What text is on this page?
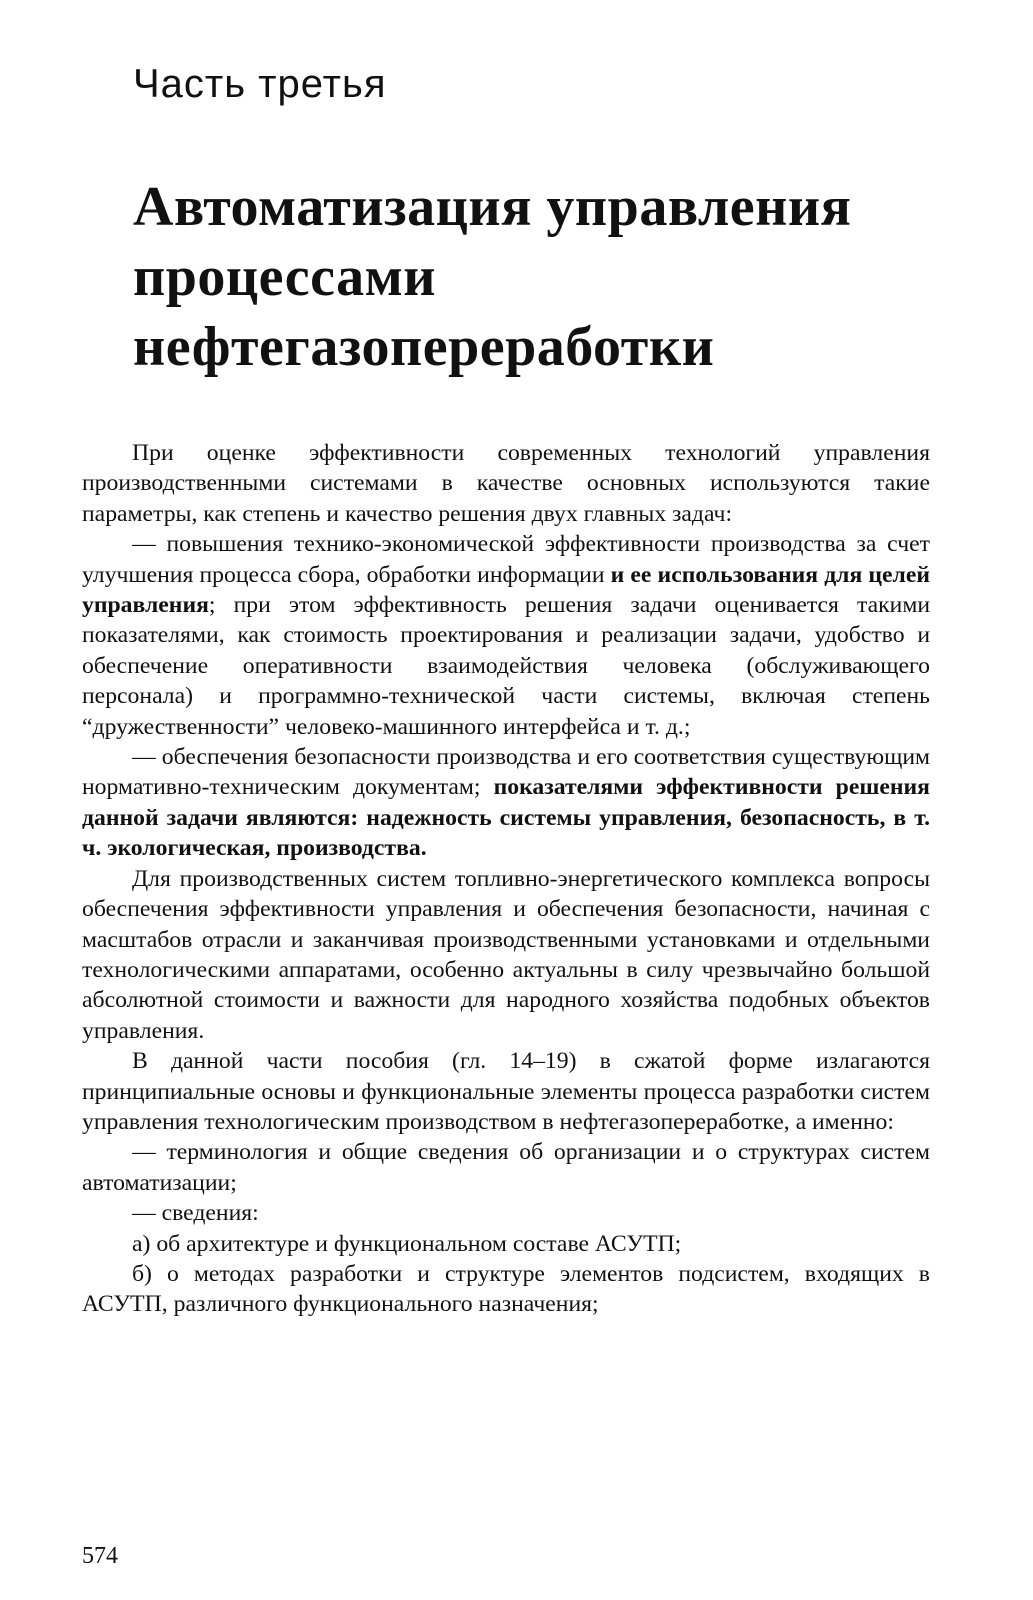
Часть третья
Автоматизация управления
процессами нефтегазопереработки

При оценке эффективности современных технологий управления производственными системами в качестве основных используются такие параметры, как степень и качество решения двух главных задач:

— повышения технико-экономической эффективности производства за счет улучшения процесса сбора, обработки информации и ее использования для целей управления; при этом эффективность решения задачи оценивается такими показателями, как стоимость проектирования и реализации задачи, удобство и обеспечение оперативности взаимодействия человека (обслуживающего персонала) и программно-технической части системы, включая степень “дружественности” человеко-машинного интерфейса и т. д.;

— обеспечения безопасности производства и его соответствия существующим нормативно-техническим документам; показателями эффективности решения данной задачи являются: надежность системы управления, безопасность, в т. ч. экологическая, производства.

Для производственных систем топливно-энергетического комплекса вопросы обеспечения эффективности управления и обеспечения безопасности, начиная с масштабов отрасли и заканчивая производственными установками и отдельными технологическими аппаратами, особенно актуальны в силу чрезвычайно большой абсолютной стоимости и важности для народного хозяйства подобных объектов управления.

В данной части пособия (гл. 14–19) в сжатой форме излагаются принципиальные основы и функциональные элементы процесса разработки систем управления технологическим производством в нефтегазопереработке, а именно:

— терминология и общие сведения об организации и о структурах систем автоматизации;

— сведения:

а) об архитектуре и функциональном составе АСУТП;

б) о методах разработки и структуре элементов подсистем, входящих в АСУТП, различного функционального назначения;

574
